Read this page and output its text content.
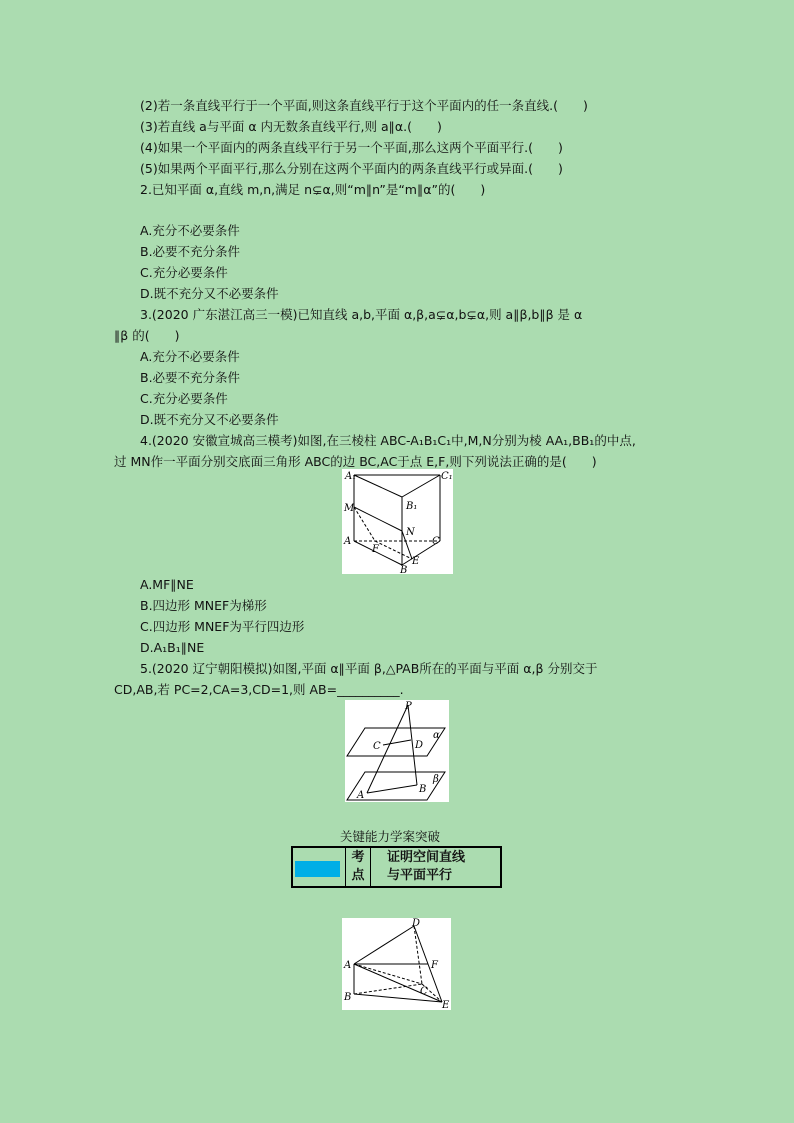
(2)若一条直线平行于一个平面,则这条直线平行于这个平面内的任一条直线.(　　)
(3)若直线 a与平面 α 内无数条直线平行,则 a∥α.(　　)
(4)如果一个平面内的两条直线平行于另一个平面,那么这两个平面平行.(　　)
(5)如果两个平面平行,那么分别在这两个平面内的两条直线平行或异面.(　　)
2.已知平面 α,直线 m,n,满足 n⊊α,则“m∥n”是“m∥α”的(　　)
A.充分不必要条件
B.必要不充分条件
C.充分必要条件
D.既不充分又不必要条件
3.(2020 广东湛江高三一模)已知直线 a,b,平面 α,β,a⊊α,b⊊α,则 a∥β,b∥β 是 α
∥β 的(　　)
A.充分不必要条件
B.必要不充分条件
C.充分必要条件
D.既不充分又不必要条件
4.(2020 安徽宣城高三模考)如图,在三棱柱 ABC-A₁B₁C₁中,M,N分别为棱 AA₁,BB₁的中点,
过 MN作一平面分别交底面三角形 ABC的边 BC,AC于点 E,F,则下列说法正确的是(　　)
A₁	C₁
B₁
M
N
A	C
F
E
B
A.MF∥NE
B.四边形 MNEF为梯形
C.四边形 MNEF为平行四边形
D.A₁B₁∥NE
5.(2020 辽宁朝阳模拟)如图,平面 α∥平面 β,△PAB所在的平面与平面 α,β 分别交于
CD,AB,若 PC=2,CA=3,CD=1,则 AB=__________.
P
C	D
α
β
A
B
关键能力学案突破
考
点
证明空间直线
与平面平行
D
A	F
C
B
E
